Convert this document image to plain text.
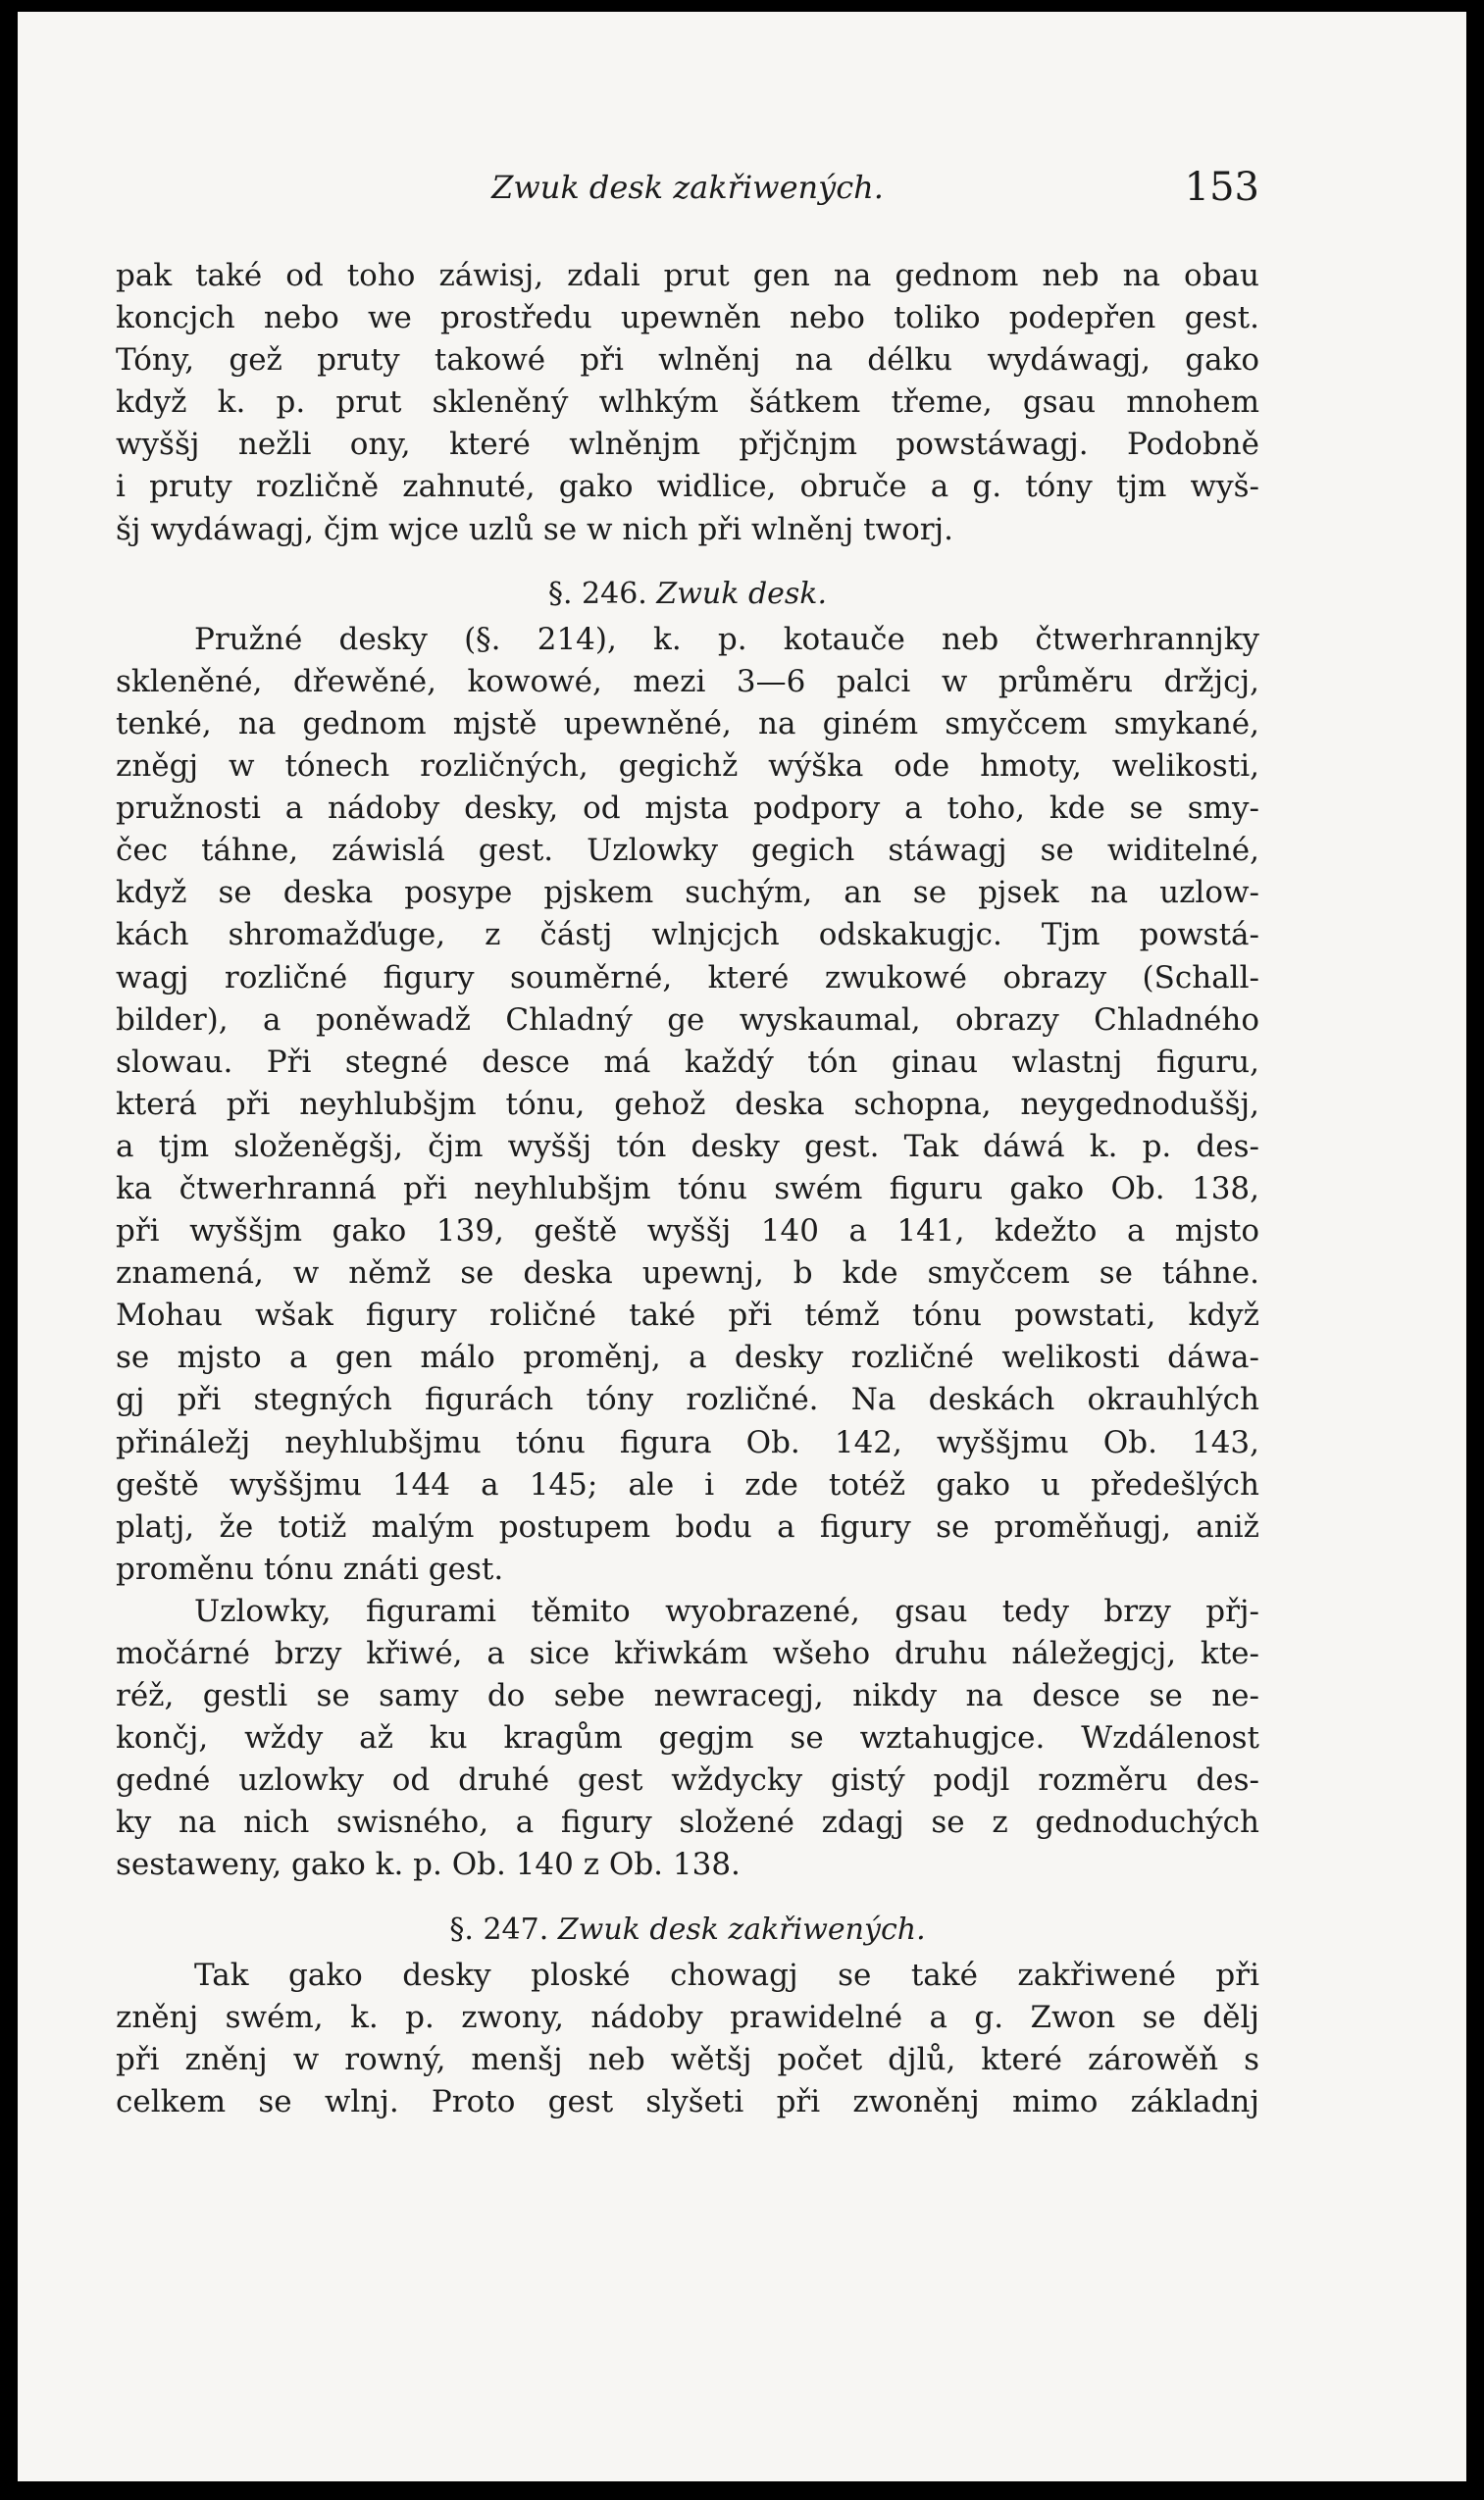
Zwuk desk zakřiwených.	153
pak také od toho záwisj, zdali prut gen na gednom neb na obau
koncjch nebo we prostředu upewněn nebo toliko podepřen gest.
Tóny, gež pruty takowé při wlněnj na délku wydáwagj, gako
když k. p. prut skleněný wlhkým šátkem třeme, gsau mnohem
wyššj nežli ony, které wlněnjm přjčnjm powstáwagj. Podobně
i pruty rozličně zahnuté, gako widlice, obruče a g. tóny tjm wyš-
šj wydáwagj, čjm wjce uzlů se w nich při wlněnj tworj.
§. 246. Zwuk desk.
Pružné desky (§. 214), k. p. kotauče neb čtwerhrannjky
skleněné, dřewěné, kowowé, mezi 3—6 palci w průměru držjcj,
tenké, na gednom mjstě upewněné, na giném smyčcem smykané,
zněgj w tónech rozličných, gegichž wýška ode hmoty, welikosti,
pružnosti a nádoby desky, od mjsta podpory a toho, kde se smy-
čec táhne, záwislá gest. Uzlowky gegich stáwagj se widitelné,
když se deska posype pjskem suchým, an se pjsek na uzlow-
kách shromažďuge, z částj wlnjcjch odskakugjc. Tjm powstá-
wagj rozličné figury souměrné, které zwukowé obrazy (Schall-
bilder), a poněwadž Chladný ge wyskaumal, obrazy Chladného
slowau. Při stegné desce má každý tón ginau wlastnj figuru,
která při neyhlubšjm tónu, gehož deska schopna, neygednoduššj,
a tjm složeněgšj, čjm wyššj tón desky gest. Tak dáwá k. p. des-
ka čtwerhranná při neyhlubšjm tónu swém figuru gako Ob. 138,
při wyššjm gako 139, geště wyššj 140 a 141, kdežto a mjsto
znamená, w němž se deska upewnj, b kde smyčcem se táhne.
Mohau wšak figury roličné také při témž tónu powstati, když
se mjsto a gen málo proměnj, a desky rozličné welikosti dáwa-
gj při stegných figurách tóny rozličné. Na deskách okrauhlých
přináležj neyhlubšjmu tónu figura Ob. 142, wyššjmu Ob. 143,
geště wyššjmu 144 a 145; ale i zde totéž gako u předešlých
platj, že totiž malým postupem bodu a figury se proměňugj, aniž
proměnu tónu znáti gest.
Uzlowky, figurami těmito wyobrazené, gsau tedy brzy přj-
močárné brzy křiwé, a sice křiwkám wšeho druhu náležegjcj, kte-
réž, gestli se samy do sebe newracegj, nikdy na desce se ne-
končj, wždy až ku kragům gegjm se wztahugjce. Wzdálenost
gedné uzlowky od druhé gest wždycky gistý podjl rozměru des-
ky na nich swisného, a figury složené zdagj se z gednoduchých
sestaweny, gako k. p. Ob. 140 z Ob. 138.
§. 247. Zwuk desk zakřiwených.
Tak gako desky ploské chowagj se také zakřiwené při
zněnj swém, k. p. zwony, nádoby prawidelné a g. Zwon se dělj
při zněnj w rowný, menšj neb wětšj počet djlů, které zárowěň s
celkem se wlnj. Proto gest slyšeti při zwoněnj mimo základnj
